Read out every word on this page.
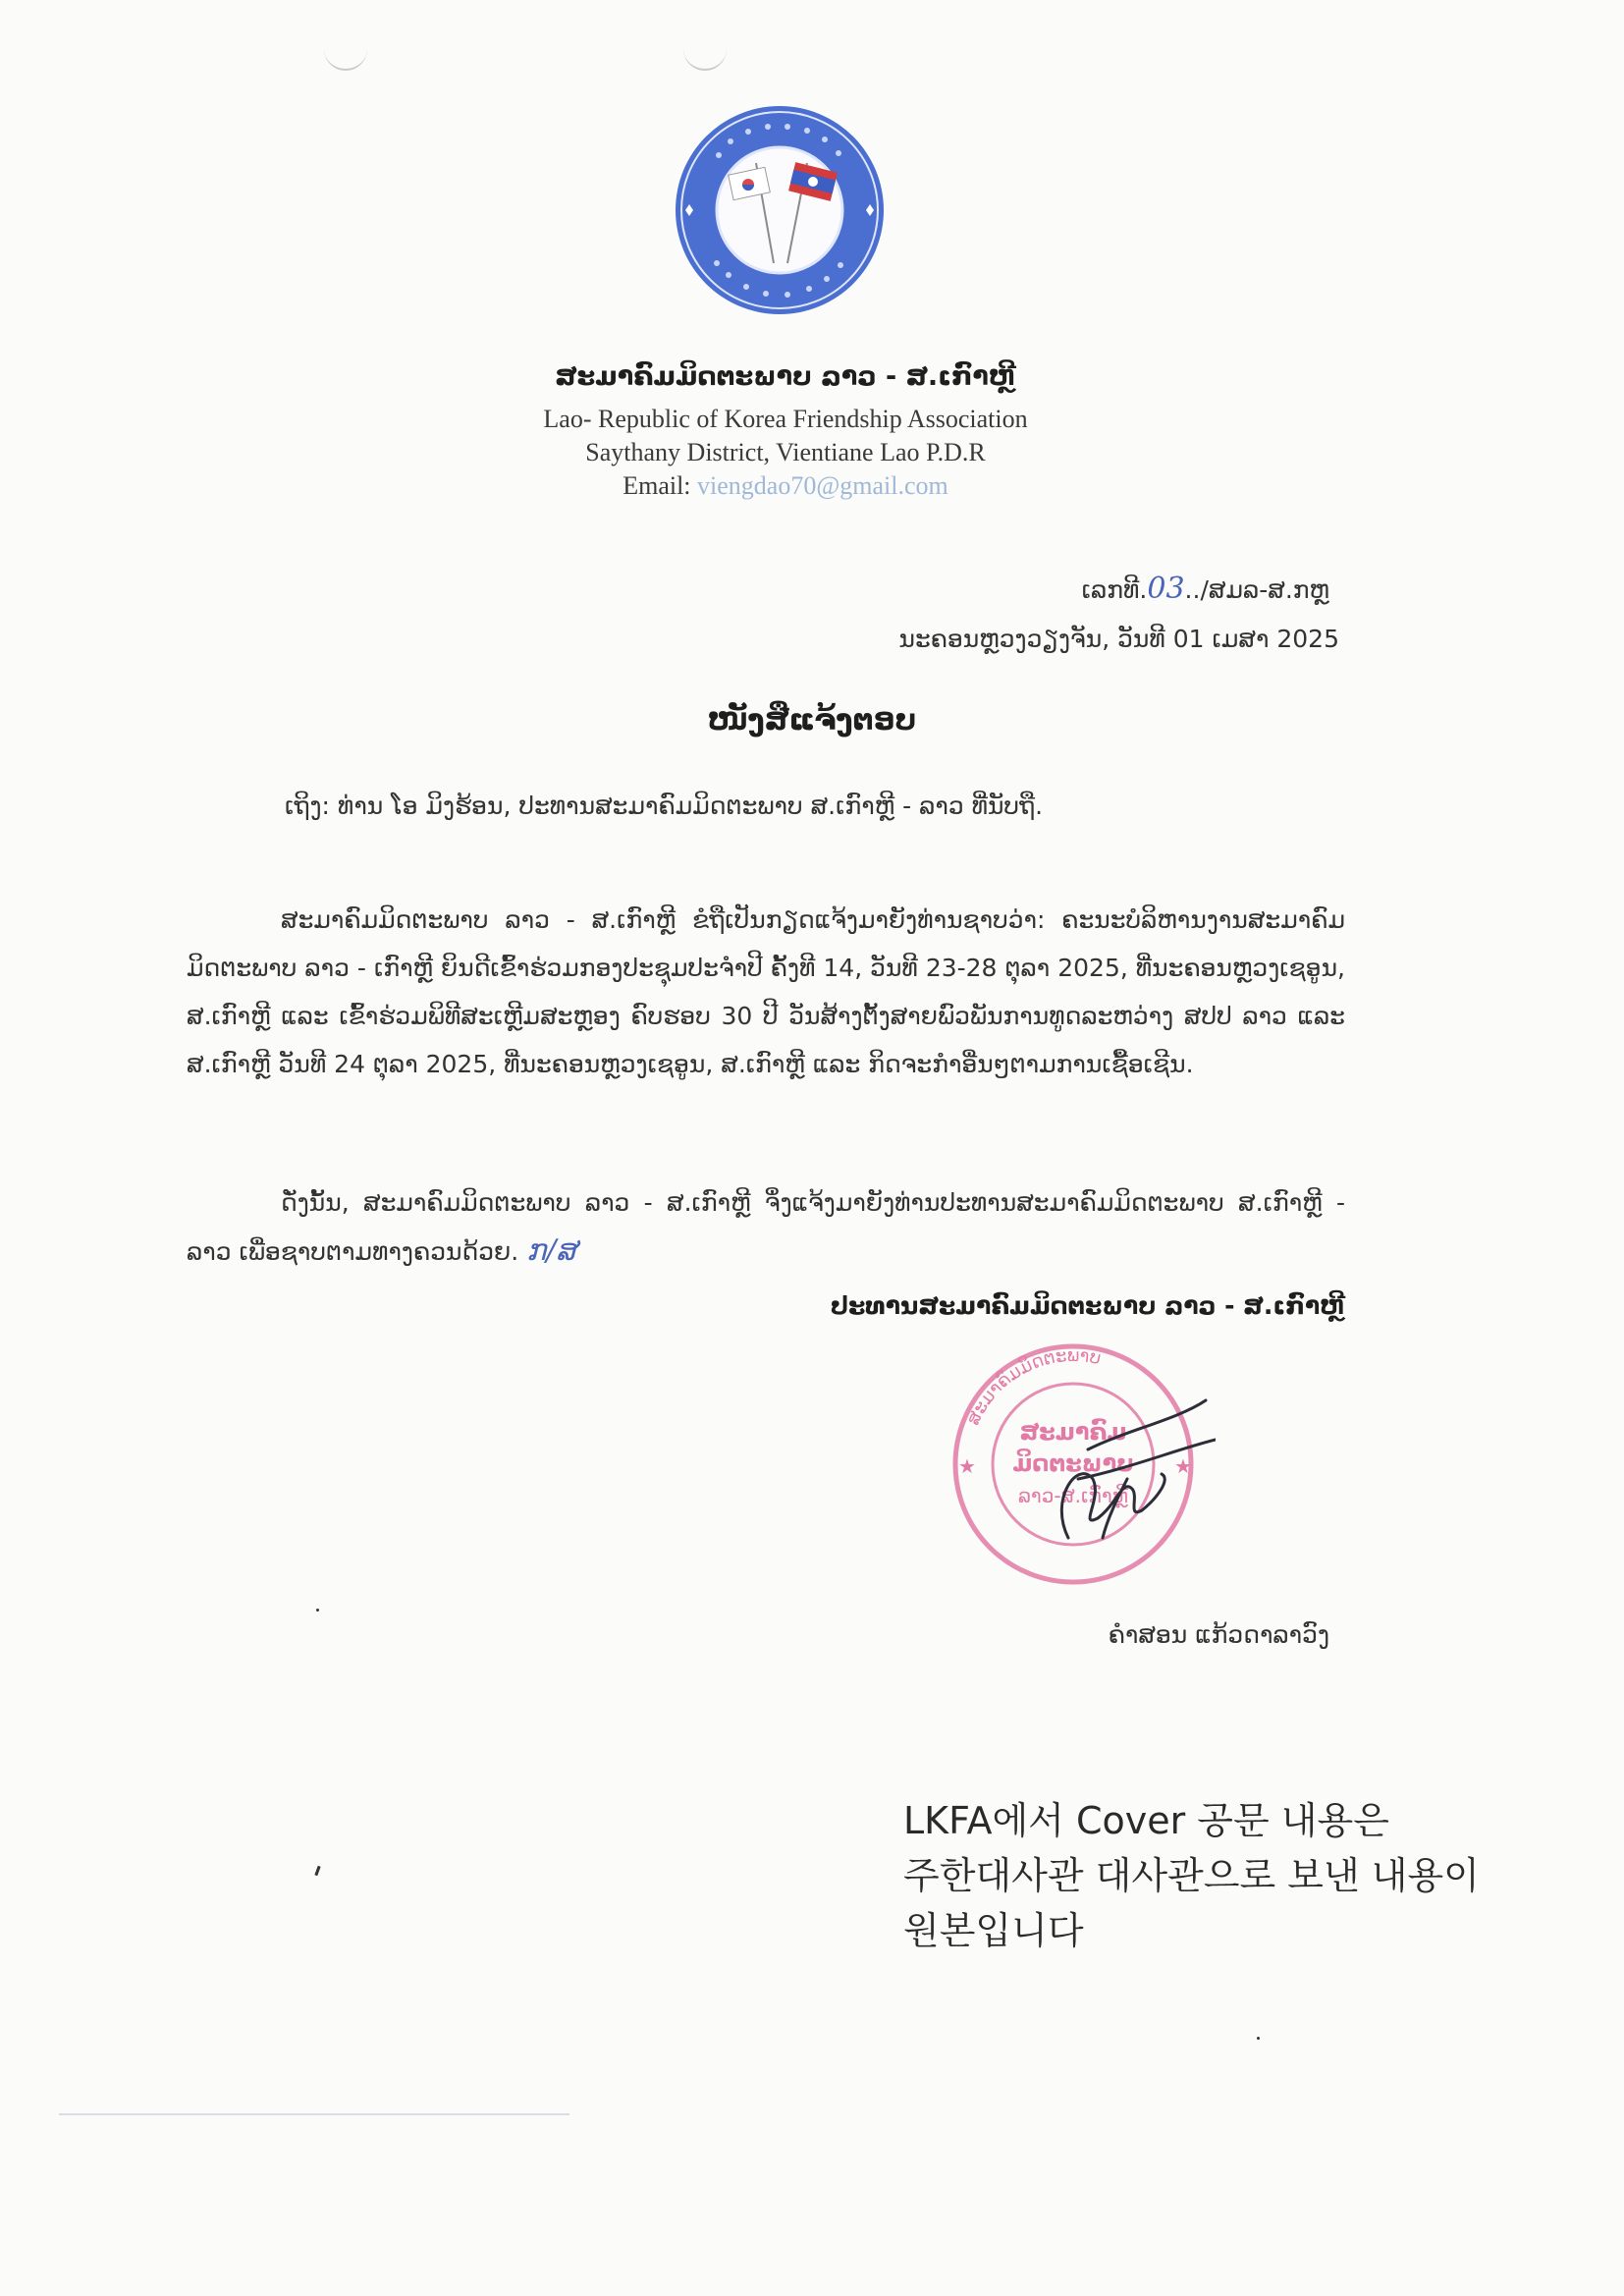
ສະມາຄົມມິດຕະພາບ ລາວ - ສ.ເກົາຫຼີ
Lao- Republic of Korea Friendship Association
Saythany District, Vientiane Lao P.D.R
Email: viengdao70@gmail.com
ເລກທີ.03../ສມລ-ສ.ກຫຼ
ນະຄອນຫຼວງວຽງຈັນ, ວັນທີ 01 ເມສາ 2025
ໜັງສືແຈ້ງຕອບ
ເຖິງ: ທ່ານ ໂອ ມິງຮ້ອນ, ປະທານສະມາຄົມມິດຕະພາບ ສ.ເກົາຫຼີ - ລາວ ທີ່ນັບຖື.
ສະມາຄົມມິດຕະພາບ ລາວ - ສ.ເກົາຫຼີ ຂໍຖືເປັນກຽດແຈ້ງມາຍັງທ່ານຊາບວ່າ: ຄະນະບໍລິຫານງານສະມາຄົມມິດຕະພາບ ລາວ - ເກົາຫຼີ ຍິນດີເຂົ້າຮ່ວມກອງປະຊຸມປະຈໍາປີ ຄັ້ງທີ 14, ວັນທີ 23-28 ຕຸລາ 2025, ທີ່ນະຄອນຫຼວງເຊອູນ, ສ.ເກົາຫຼີ ແລະ ເຂົ້າຮ່ວມພິທີສະເຫຼີມສະຫຼອງ ຄົບຮອບ 30 ປີ ວັນສ້າງຕັ້ງສາຍພົວພັນການທູດລະຫວ່າງ ສປປ ລາວ ແລະ ສ.ເກົາຫຼີ ວັນທີ 24 ຕຸລາ 2025, ທີ່ນະຄອນຫຼວງເຊອູນ, ສ.ເກົາຫຼີ ແລະ ກິດຈະກໍາອື່ນໆຕາມການເຊື້ອເຊີນ.
ດັ່ງນັ້ນ, ສະມາຄົມມິດຕະພາບ ລາວ - ສ.ເກົາຫຼີ ຈຶ່ງແຈ້ງມາຍັງທ່ານປະທານສະມາຄົມມິດຕະພາບ ສ.ເກົາຫຼີ - ລາວ ເພື່ອຊາບຕາມທາງຄວນດ້ວຍ. ກ/ສ
ປະທານສະມາຄົມມິດຕະພາບ ລາວ - ສ.ເກົາຫຼີ
ສະມາຄົມມິດຕະພາບ
★	★
ສະມາຄົມ
ມິດຕະພາບ
ລາວ-ສ.ເກົາຫຼີ
ຄໍາສອນ ແກ້ວດາລາວົງ
LKFA에서 Cover 공문 내용은
주한대사관 대사관으로 보낸 내용이
원본입니다
